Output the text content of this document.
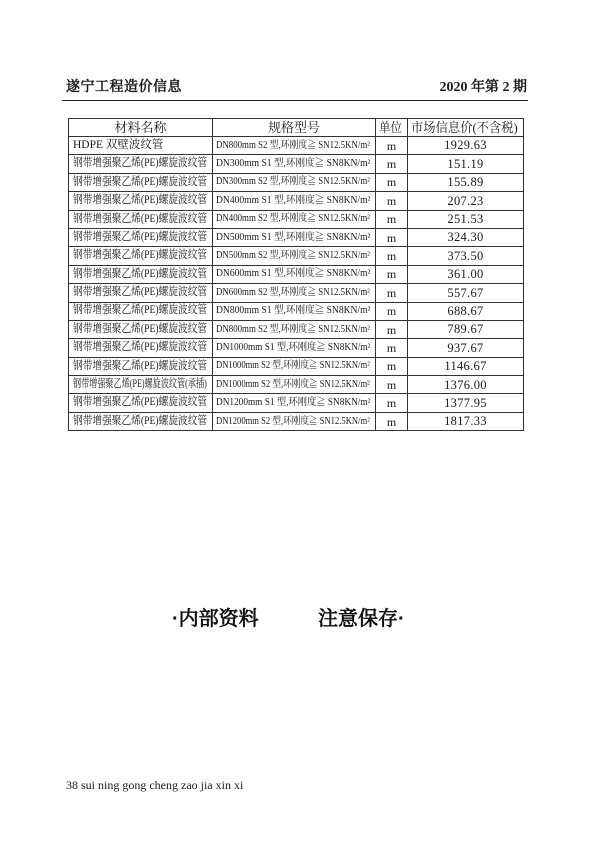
遂宁工程造价信息	2020 年第 2 期
材料名称	规格型号	单位	市场信息价(不含税)
HDPE 双壁波纹管	DN800mm S2 型,环刚度≧ SN12.5KN/m²	m	1929.63
钢带增强聚乙烯(PE)螺旋波纹管	DN300mm S1 型,环刚度≧ SN8KN/m²	m	151.19
钢带增强聚乙烯(PE)螺旋波纹管	DN300mm S2 型,环刚度≧ SN12.5KN/m²	m	155.89
钢带增强聚乙烯(PE)螺旋波纹管	DN400mm S1 型,环刚度≧ SN8KN/m²	m	207.23
钢带增强聚乙烯(PE)螺旋波纹管	DN400mm S2 型,环刚度≧ SN12.5KN/m²	m	251.53
钢带增强聚乙烯(PE)螺旋波纹管	DN500mm S1 型,环刚度≧ SN8KN/m²	m	324.30
钢带增强聚乙烯(PE)螺旋波纹管	DN500mm S2 型,环刚度≧ SN12.5KN/m²	m	373.50
钢带增强聚乙烯(PE)螺旋波纹管	DN600mm S1 型,环刚度≧ SN8KN/m²	m	361.00
钢带增强聚乙烯(PE)螺旋波纹管	DN600mm S2 型,环刚度≧ SN12.5KN/m²	m	557.67
钢带增强聚乙烯(PE)螺旋波纹管	DN800mm S1 型,环刚度≧ SN8KN/m²	m	688.67
钢带增强聚乙烯(PE)螺旋波纹管	DN800mm S2 型,环刚度≧ SN12.5KN/m²	m	789.67
钢带增强聚乙烯(PE)螺旋波纹管	DN1000mm S1 型,环刚度≧ SN8KN/m²	m	937.67
钢带增强聚乙烯(PE)螺旋波纹管	DN1000mm S2 型,环刚度≧ SN12.5KN/m²	m	1146.67
钢带增强聚乙烯(PE)螺旋波纹管(承插)	DN1000mm S2 型,环刚度≧ SN12.5KN/m²	m	1376.00
钢带增强聚乙烯(PE)螺旋波纹管	DN1200mm S1 型,环刚度≧ SN8KN/m²	m	1377.95
钢带增强聚乙烯(PE)螺旋波纹管	DN1200mm S2 型,环刚度≧ SN12.5KN/m²	m	1817.33
·内部资料	注意保存·
38 sui ning gong cheng zao jia xin xi
